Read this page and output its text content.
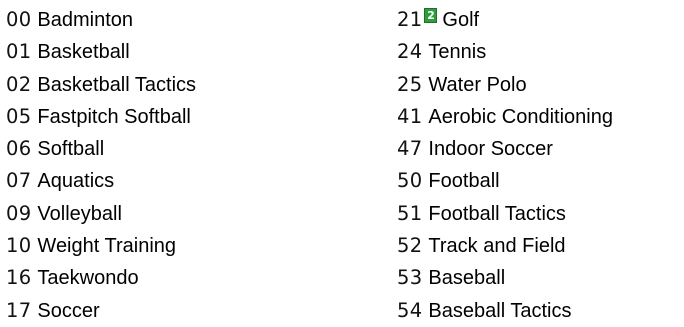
00 Badminton
01 Basketball
02 Basketball Tactics
05 Fastpitch Softball
06 Softball
07 Aquatics
09 Volleyball
10 Weight Training
16 Taekwondo
17 Soccer
21 2 Golf
24 Tennis
25 Water Polo
41 Aerobic Conditioning
47 Indoor Soccer
50 Football
51 Football Tactics
52 Track and Field
53 Baseball
54 Baseball Tactics
